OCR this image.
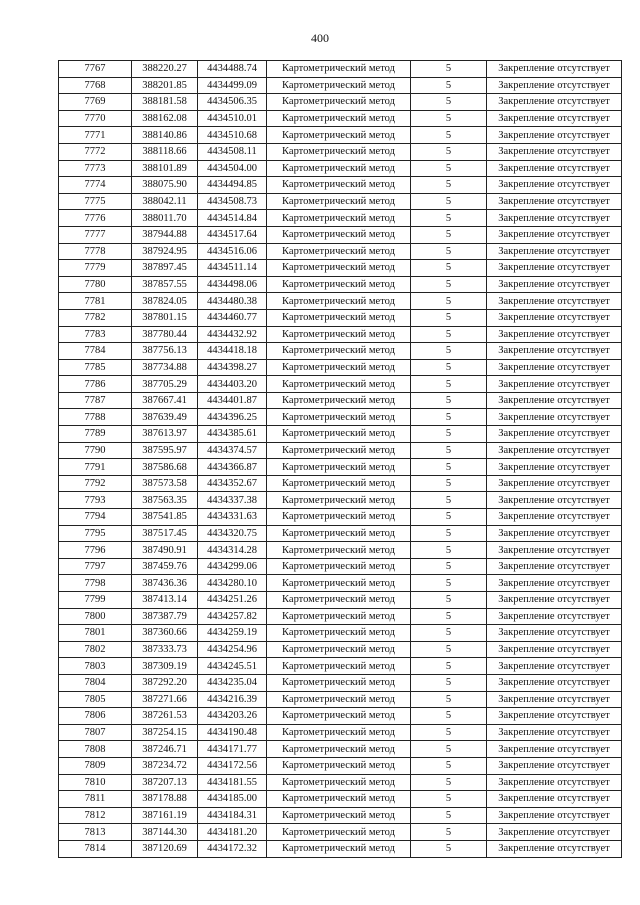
400
7767	388220.27	4434488.74	Картометрический метод	5	Закрепление отсутствует
7768	388201.85	4434499.09	Картометрический метод	5	Закрепление отсутствует
7769	388181.58	4434506.35	Картометрический метод	5	Закрепление отсутствует
7770	388162.08	4434510.01	Картометрический метод	5	Закрепление отсутствует
7771	388140.86	4434510.68	Картометрический метод	5	Закрепление отсутствует
7772	388118.66	4434508.11	Картометрический метод	5	Закрепление отсутствует
7773	388101.89	4434504.00	Картометрический метод	5	Закрепление отсутствует
7774	388075.90	4434494.85	Картометрический метод	5	Закрепление отсутствует
7775	388042.11	4434508.73	Картометрический метод	5	Закрепление отсутствует
7776	388011.70	4434514.84	Картометрический метод	5	Закрепление отсутствует
7777	387944.88	4434517.64	Картометрический метод	5	Закрепление отсутствует
7778	387924.95	4434516.06	Картометрический метод	5	Закрепление отсутствует
7779	387897.45	4434511.14	Картометрический метод	5	Закрепление отсутствует
7780	387857.55	4434498.06	Картометрический метод	5	Закрепление отсутствует
7781	387824.05	4434480.38	Картометрический метод	5	Закрепление отсутствует
7782	387801.15	4434460.77	Картометрический метод	5	Закрепление отсутствует
7783	387780.44	4434432.92	Картометрический метод	5	Закрепление отсутствует
7784	387756.13	4434418.18	Картометрический метод	5	Закрепление отсутствует
7785	387734.88	4434398.27	Картометрический метод	5	Закрепление отсутствует
7786	387705.29	4434403.20	Картометрический метод	5	Закрепление отсутствует
7787	387667.41	4434401.87	Картометрический метод	5	Закрепление отсутствует
7788	387639.49	4434396.25	Картометрический метод	5	Закрепление отсутствует
7789	387613.97	4434385.61	Картометрический метод	5	Закрепление отсутствует
7790	387595.97	4434374.57	Картометрический метод	5	Закрепление отсутствует
7791	387586.68	4434366.87	Картометрический метод	5	Закрепление отсутствует
7792	387573.58	4434352.67	Картометрический метод	5	Закрепление отсутствует
7793	387563.35	4434337.38	Картометрический метод	5	Закрепление отсутствует
7794	387541.85	4434331.63	Картометрический метод	5	Закрепление отсутствует
7795	387517.45	4434320.75	Картометрический метод	5	Закрепление отсутствует
7796	387490.91	4434314.28	Картометрический метод	5	Закрепление отсутствует
7797	387459.76	4434299.06	Картометрический метод	5	Закрепление отсутствует
7798	387436.36	4434280.10	Картометрический метод	5	Закрепление отсутствует
7799	387413.14	4434251.26	Картометрический метод	5	Закрепление отсутствует
7800	387387.79	4434257.82	Картометрический метод	5	Закрепление отсутствует
7801	387360.66	4434259.19	Картометрический метод	5	Закрепление отсутствует
7802	387333.73	4434254.96	Картометрический метод	5	Закрепление отсутствует
7803	387309.19	4434245.51	Картометрический метод	5	Закрепление отсутствует
7804	387292.20	4434235.04	Картометрический метод	5	Закрепление отсутствует
7805	387271.66	4434216.39	Картометрический метод	5	Закрепление отсутствует
7806	387261.53	4434203.26	Картометрический метод	5	Закрепление отсутствует
7807	387254.15	4434190.48	Картометрический метод	5	Закрепление отсутствует
7808	387246.71	4434171.77	Картометрический метод	5	Закрепление отсутствует
7809	387234.72	4434172.56	Картометрический метод	5	Закрепление отсутствует
7810	387207.13	4434181.55	Картометрический метод	5	Закрепление отсутствует
7811	387178.88	4434185.00	Картометрический метод	5	Закрепление отсутствует
7812	387161.19	4434184.31	Картометрический метод	5	Закрепление отсутствует
7813	387144.30	4434181.20	Картометрический метод	5	Закрепление отсутствует
7814	387120.69	4434172.32	Картометрический метод	5	Закрепление отсутствует
